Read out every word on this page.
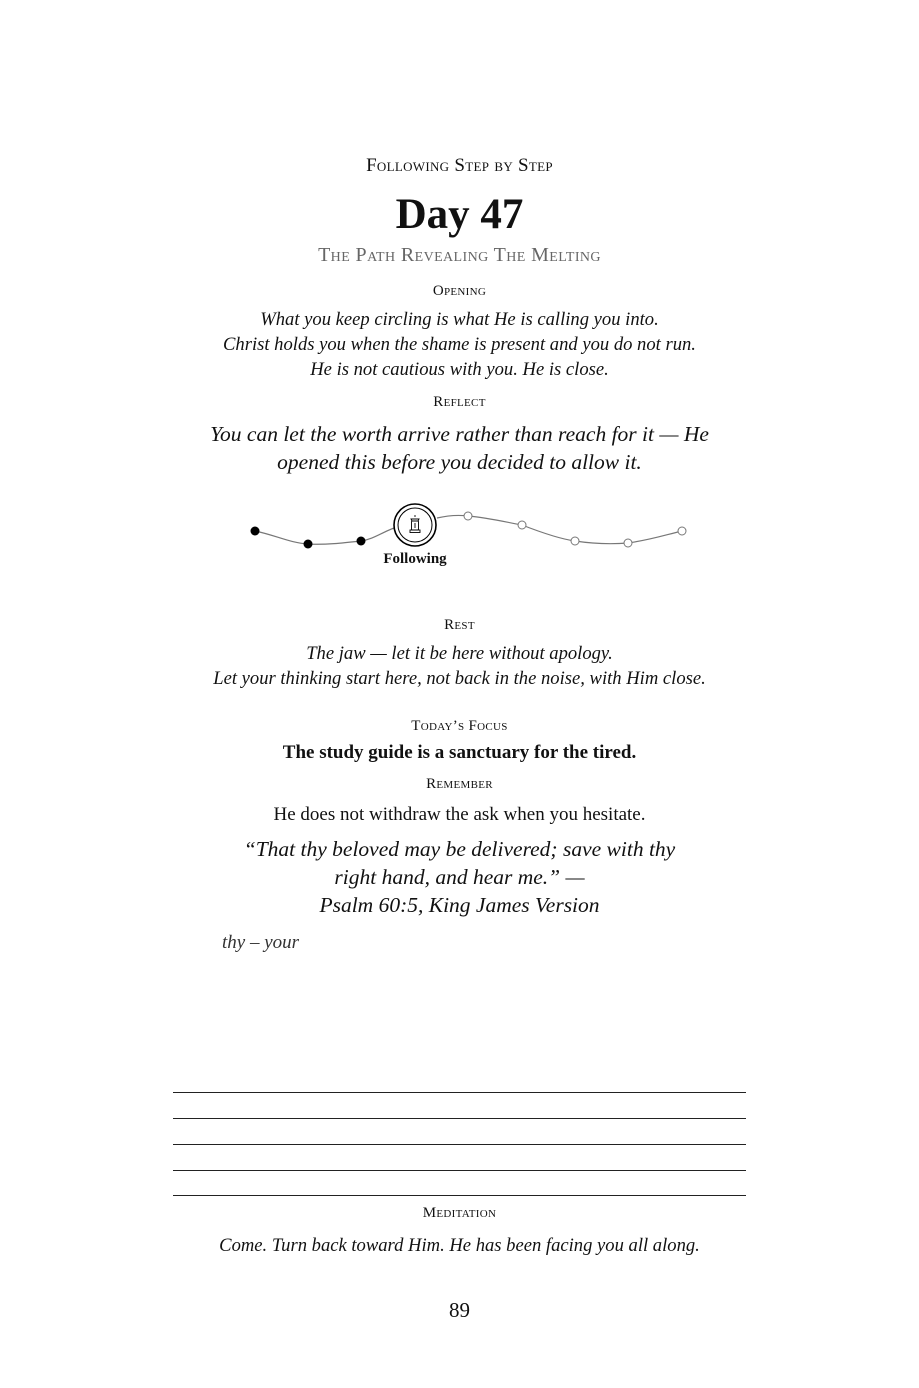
Following Step by Step
Day 47
The Path Revealing The Melting
Opening
What you keep circling is what He is calling you into.
Christ holds you when the shame is present and you do not run.
He is not cautious with you. He is close.
Reflect
You can let the worth arrive rather than reach for it — He
opened this before you decided to allow it.
Following
Rest
The jaw — let it be here without apology.
Let your thinking start here, not back in the noise, with Him close.
Today’s Focus
The study guide is a sanctuary for the tired.
Remember
He does not withdraw the ask when you hesitate.
“That thy beloved may be delivered; save with thy
right hand, and hear me.” —
Psalm 60:5, King James Version
thy – your
Meditation
Come. Turn back toward Him. He has been facing you all along.
89
